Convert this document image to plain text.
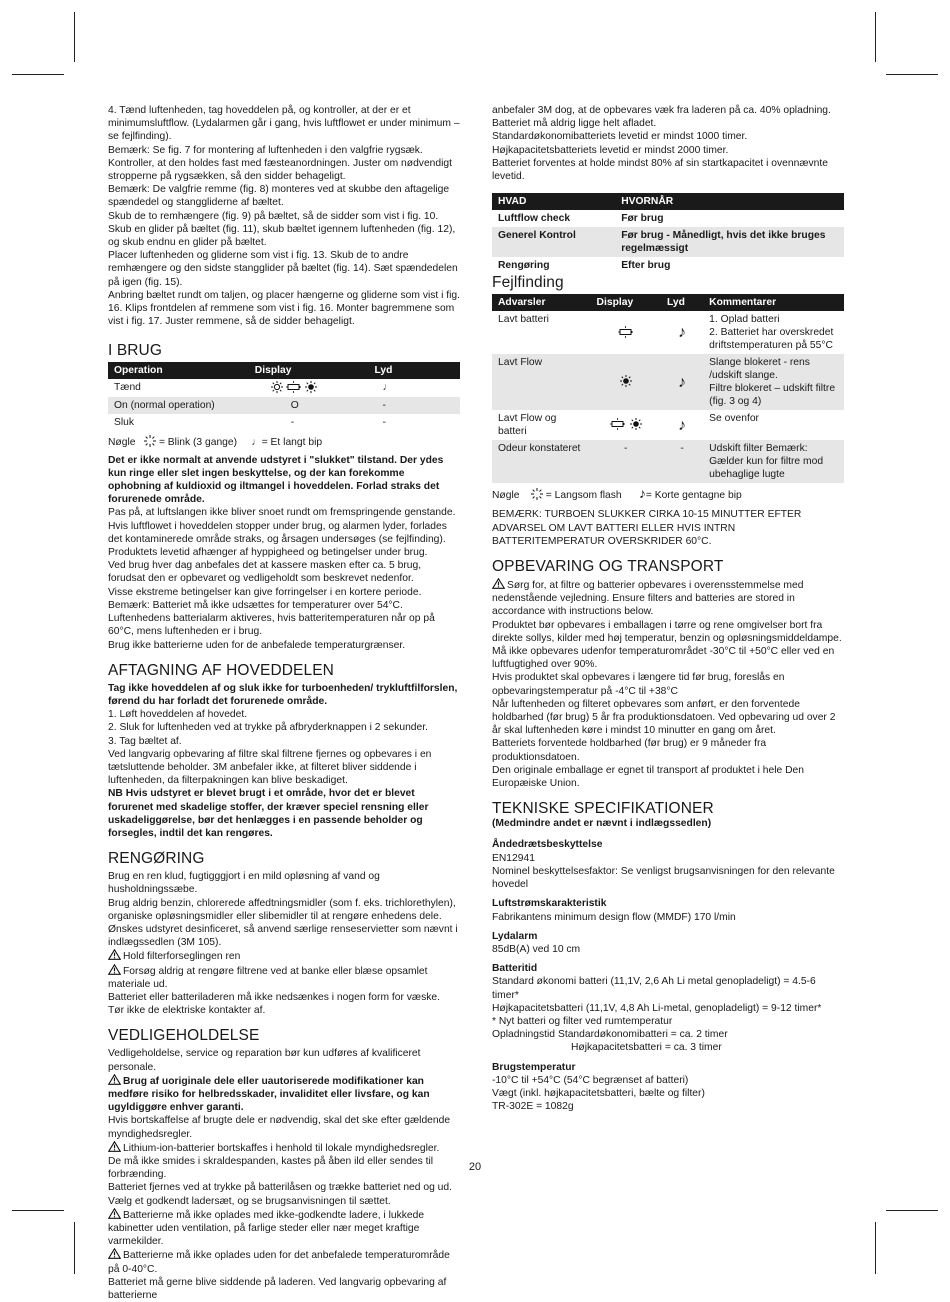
4. Tænd luftenheden, tag hoveddelen på, og kontroller, at der er et minimumsluftflow. (Lydalarmen går i gang, hvis luftflowet er under minimum – se fejlfinding).

Bemærk: Se fig. 7 for montering af luftenheden i den valgfrie rygsæk. Kontroller, at den holdes fast med fæsteanordningen. Juster om nødvendigt stropperne på rygsækken, så den sidder behageligt.

Bemærk: De valgfrie remme (fig. 8) monteres ved at skubbe den aftagelige spændedel og stanggliderne af bæltet.

Skub de to remhængere (fig. 9) på bæltet, så de sidder som vist i fig. 10.

Skub en glider på bæltet (fig. 11), skub bæltet igennem luftenheden (fig. 12), og skub endnu en glider på bæltet.

Placer luftenheden og gliderne som vist i fig. 13. Skub de to andre remhængere og den sidste stangglider på bæltet (fig. 14). Sæt spændedelen på igen (fig. 15).

Anbring bæltet rundt om taljen, og placer hængerne og gliderne som vist i fig. 16. Klips frontdelen af remmene som vist i fig. 16. Monter bagremmene som vist i fig. 17. Juster remmene, så de sidder behageligt.

I BRUG
Operation	Display	Lyd
Tænd		♩
On (normal operation)	O	-
Sluk	-	-

Nøgle = Blink (3 gange) ♩= Et langt bip

Det er ikke normalt at anvende udstyret i "slukket" tilstand. Der ydes kun ringe eller slet ingen beskyttelse, og der kan forekomme ophobning af kuldioxid og iltmangel i hoveddelen. Forlad straks det forurenede område.

Pas på, at luftslangen ikke bliver snoet rundt om fremspringende genstande.

Hvis luftflowet i hoveddelen stopper under brug, og alarmen lyder, forlades det kontaminerede område straks, og årsagen undersøges (se fejlfinding).

Produktets levetid afhænger af hyppigheed og betingelser under brug.

Ved brug hver dag anbefales det at kassere masken efter ca. 5 brug, forudsat den er opbevaret og vedligeholdt som beskrevet nedenfor.

Visse ekstreme betingelser kan give forringelser i en kortere periode.

Bemærk: Batteriet må ikke udsættes for temperaturer over 54°C. Luftenhedens batterialarm aktiveres, hvis batteritemperaturen når op på 60°C, mens luftenheden er i brug.

Brug ikke batterierne uden for de anbefalede temperaturgrænser.

AFTAGNING AF HOVEDDELEN

Tag ikke hoveddelen af og sluk ikke for turboenheden/ trykluftfilforslen, førend du har forladt det forurenede område.

1. Løft hoveddelen af hovedet.

2. Sluk for luftenheden ved at trykke på afbryderknappen i 2 sekunder.

3. Tag bæltet af.

Ved langvarig opbevaring af filtre skal filtrene fjernes og opbevares i en tætsluttende beholder. 3M anbefaler ikke, at filteret bliver siddende i luftenheden, da filterpakningen kan blive beskadiget.

NB Hvis udstyret er blevet brugt i et område, hvor det er blevet forurenet med skadelige stoffer, der kræver speciel rensning eller uskadeliggørelse, bør det henlægges i en passende beholder og forsegles, indtil det kan rengøres.

RENGØRING

Brug en ren klud, fugtigggjort i en mild opløsning af vand og husholdningssæbe.

Brug aldrig benzin, chlorerede affedtningsmidler (som f. eks. trichlorethylen), organiske opløsningsmidler eller slibemidler til at rengøre enhedens dele.

Ønskes udstyret desinficeret, så anvend særlige renseservietter som nævnt i indlægssedlen (3M 105).

Hold filterforseglingen ren

Forsøg aldrig at rengøre filtrene ved at banke eller blæse opsamlet materiale ud.

Batteriet eller batteriladeren må ikke nedsænkes i nogen form for væske.

Tør ikke de elektriske kontakter af.

VEDLIGEHOLDELSE

Vedligeholdelse, service og reparation bør kun udføres af kvalificeret personale.

Brug af uoriginale dele eller uautoriserede modifikationer kan medføre risiko for helbredsskader, invaliditet eller livsfare, og kan ugyldiggøre enhver garanti.

Hvis bortskaffelse af brugte dele er nødvendig, skal det ske efter gældende myndighedsregler.

Lithium-ion-batterier bortskaffes i henhold til lokale myndighedsregler.

De må ikke smides i skraldespanden, kastes på åben ild eller sendes til forbrænding.

Batteriet fjernes ved at trykke på batterilåsen og trække batteriet ned og ud.

Vælg et godkendt ladersæt, og se brugsanvisningen til sættet.

Batterierne må ikke oplades med ikke-godkendte ladere, i lukkede kabinetter uden ventilation, på farlige steder eller nær meget kraftige varmekilder.

Batterierne må ikke oplades uden for det anbefalede temperaturområde på 0-40°C.

Batteriet må gerne blive siddende på laderen. Ved langvarig opbevaring af batterierne

anbefaler 3M dog, at de opbevares væk fra laderen på ca. 40% opladning. Batteriet må aldrig ligge helt afladet.

Standardøkonomibatteriets levetid er mindst 1000 timer.

Højkapacitetsbatteriets levetid er mindst 2000 timer.

Batteriet forventes at holde mindst 80% af sin startkapacitet i ovennævnte levetid.

HVAD	HVORNÅR
Luftflow check	Før brug
Generel Kontrol	Før brug - Månedligt, hvis det ikke bruges regelmæssigt
Rengøring	Efter brug
Fejlfinding
Advarsler	Display	Lyd	Kommentarer
Lavt batteri		♪	1. Oplad batteri
2. Batteriet har overskredet driftstemperaturen på 55°C

Lavt Flow		♪	Slange blokeret - rens /udskift slange.
Filtre blokeret – udskift filtre (fig. 3 og 4)

Lavt Flow og batteri		♪	Se ovenfor

Odeur konstateret	-	-	Udskift filter Bemærk: Gælder kun for filtre mod ubehaglige lugte

Nøgle	= Langsom flash ♪= Korte gentagne bip

BEMÆRK: TURBOEN SLUKKER CIRKA 10-15 MINUTTER EFTER ADVARSEL OM LAVT BATTERI ELLER HVIS INTRN BATTERITEMPERATUR OVERSKRIDER 60°C.

OPBEVARING OG TRANSPORT

Sørg for, at filtre og batterier opbevares i overensstemmelse med nedenstående vejledning. Ensure filters and batteries are stored in accordance with instructions below.

Produktet bør opbevares i emballagen i tørre og rene omgivelser bort fra direkte sollys, kilder med høj temperatur, benzin og opløsningsmiddeldampe.

Må ikke opbevares udenfor temperaturområdet -30°C til +50°C eller ved en luftfugtighed over 90%.

Hvis produktet skal opbevares i længere tid før brug, foreslås en opbevaringstemperatur på -4°C til +38°C

Når luftenheden og filteret opbevares som anført, er den forventede holdbarhed (før brug) 5 år fra produktionsdatoen. Ved opbevaring ud over 2 år skal luftenheden køre i mindst 10 minutter en gang om året.

Batteriets forventede holdbarhed (før brug) er 9 måneder fra produktionsdatoen.

Den originale emballage er egnet til transport af produktet i hele Den Europæiske Union.

TEKNISKE SPECIFIKATIONER

(Medmindre andet er nævnt i indlægssedlen)

Åndedrætsbeskyttelse

EN12941

Nominel beskyttelsesfaktor: Se venligst brugsanvisningen for den relevante hovedel

Luftstrømskarakteristik

Fabrikantens minimum design flow (MMDF) 170 l/min

Lydalarm

85dB(A) ved 10 cm

Batteritid

Standard økonomi batteri (11,1V, 2,6 Ah Li metal genopladeligt) = 4.5-6 timer*

Højkapacitetsbatteri (11,1V, 4,8 Ah Li-metal, genopladeligt) = 9-12 timer*

* Nyt batteri og filter ved rumtemperatur

Opladningstid Standardøkonomibatteri = ca. 2 timer
Højkapacitetsbatteri = ca. 3 timer
Brugstemperatur

-10°C til +54°C (54°C begrænset af batteri)

Vægt (inkl. højkapacitetsbatteri, bælte og filter)

TR-302E = 1082g

20
